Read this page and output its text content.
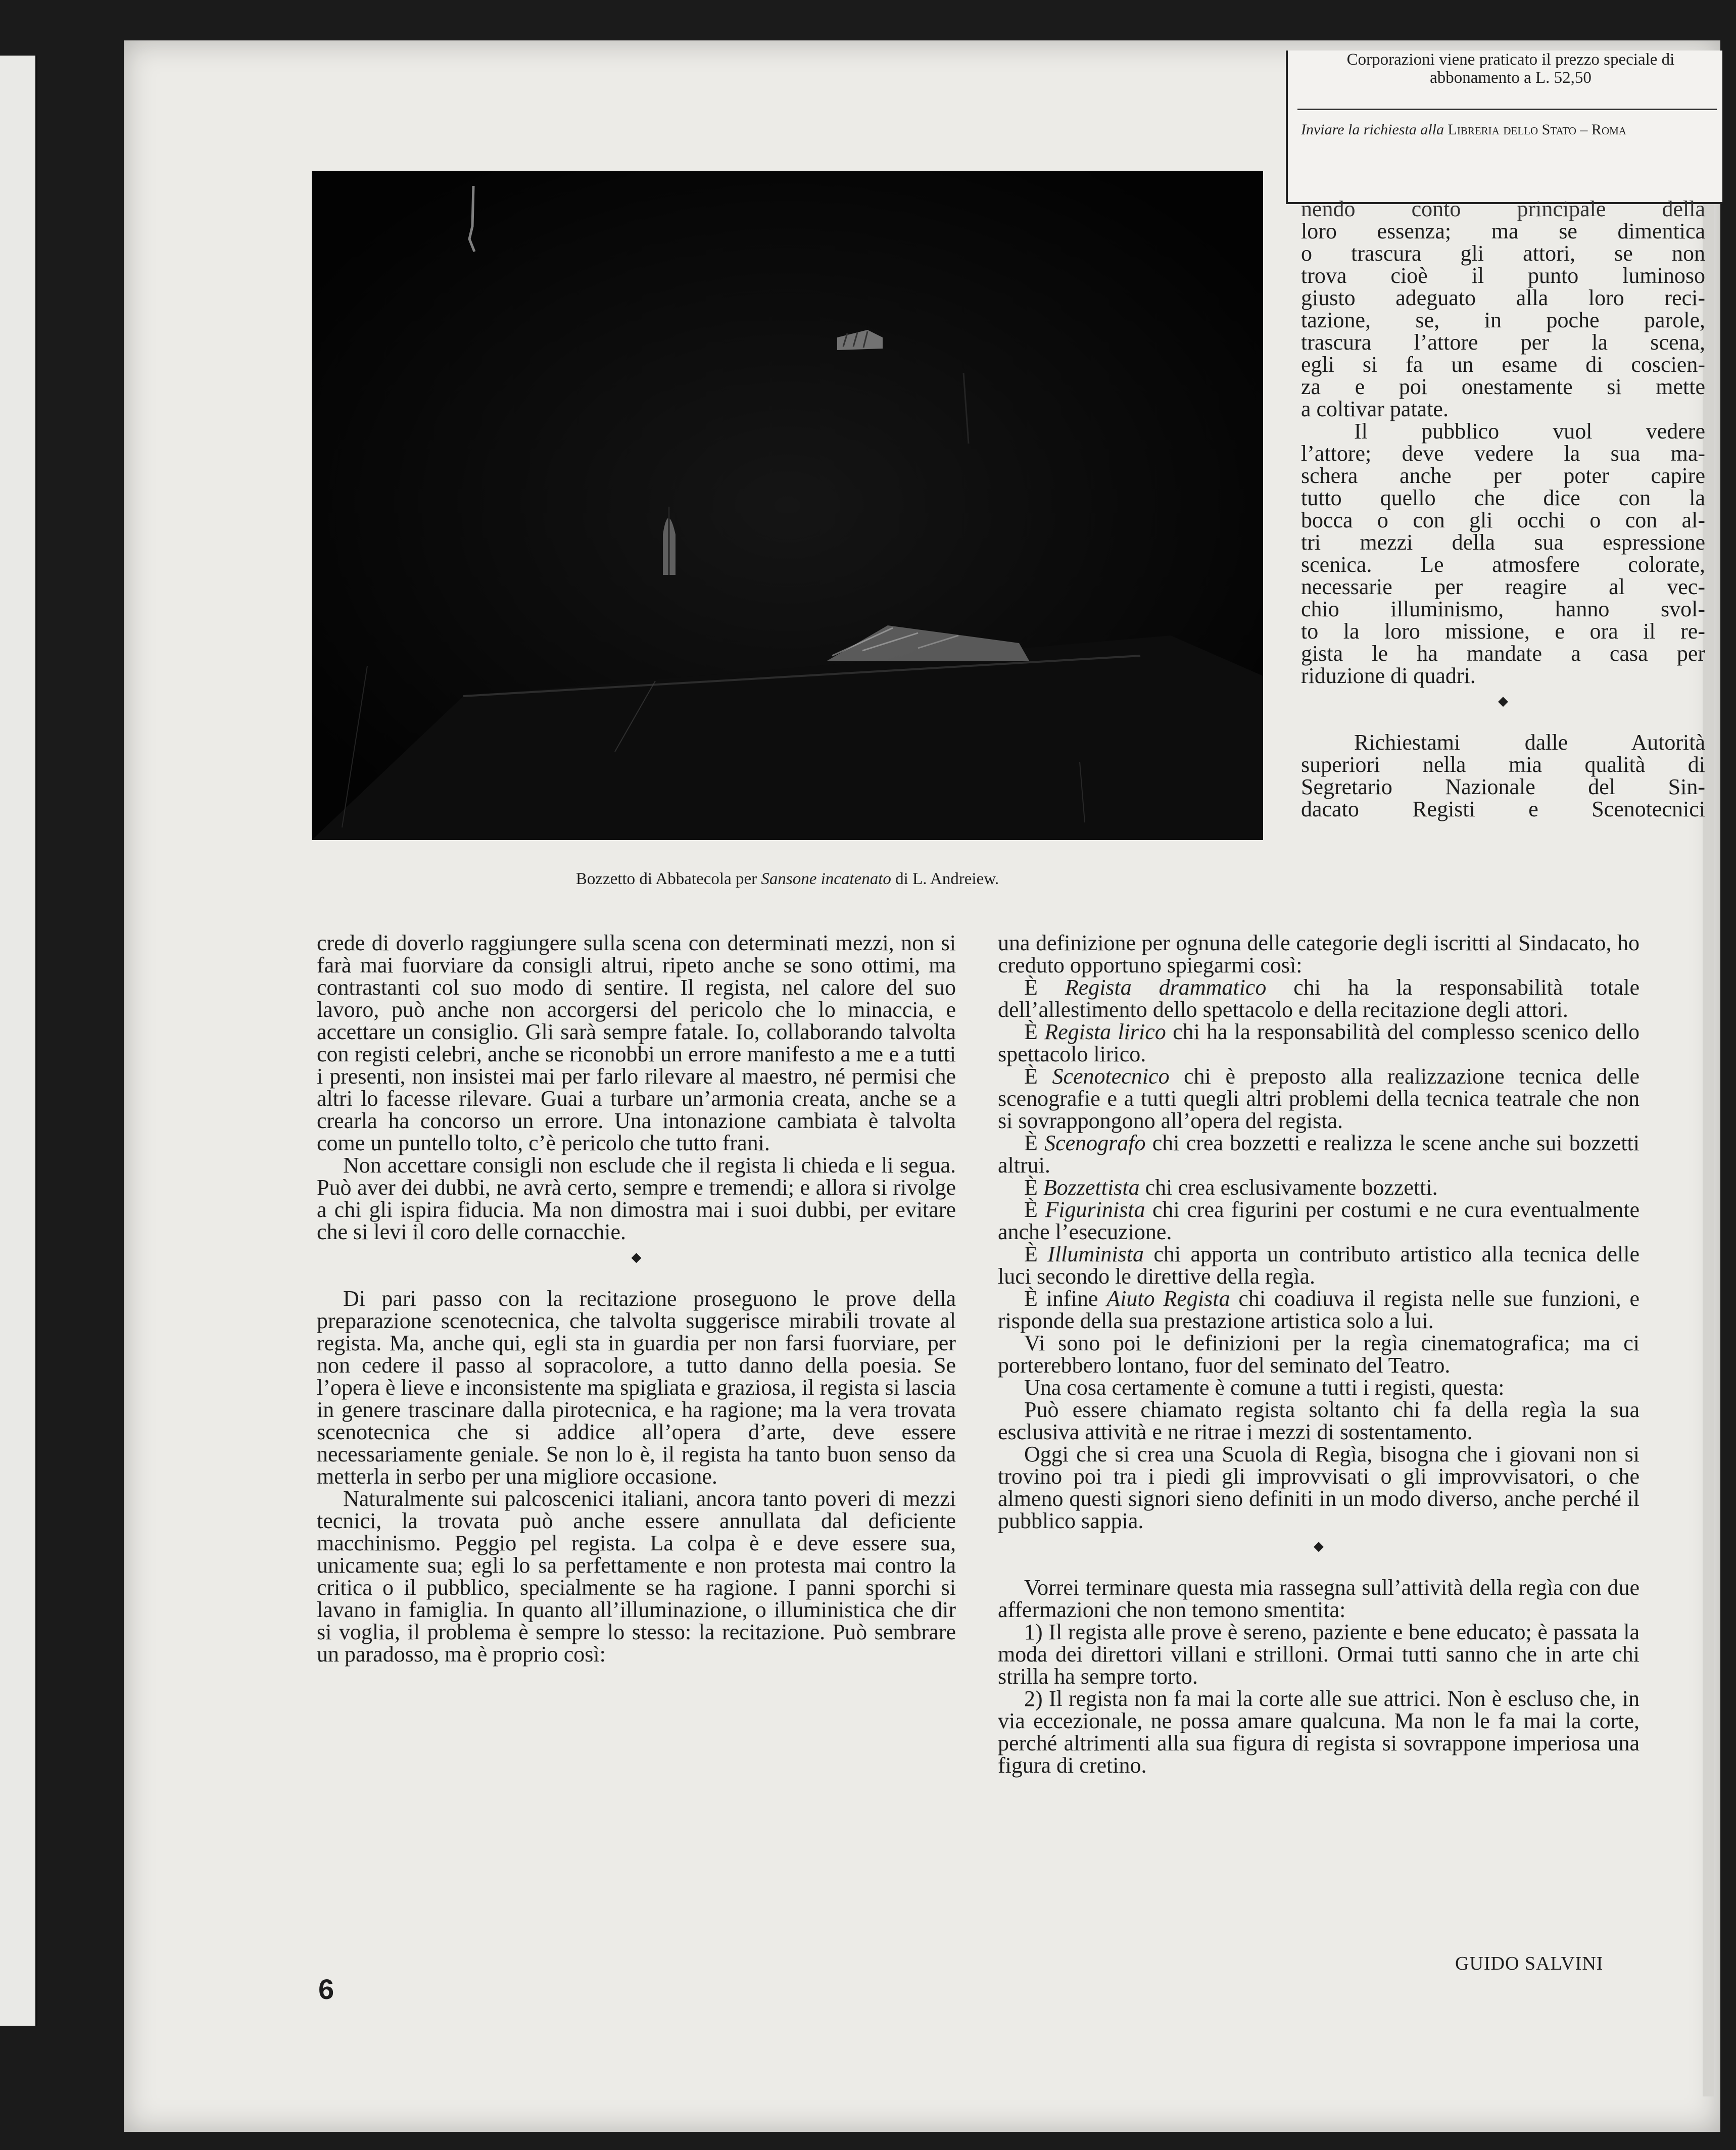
Corporazioni viene praticato il prezzo speciale di abbonamento a L. 52,50
Inviare la richiesta alla Libreria dello Stato – Roma
Bozzetto di Abbatecola per Sansone incatenato di L. Andreiew.
nendo conto principale della
loro essenza; ma se dimentica
o trascura gli attori, se non
trova cioè il punto luminoso
giusto adeguato alla loro reci-
tazione, se, in poche parole,
trascura l’attore per la scena,
egli si fa un esame di coscien-
za e poi onestamente si mette
a coltivar patate.
Il pubblico vuol vedere
l’attore; deve vedere la sua ma-
schera anche per poter capire
tutto quello che dice con la
bocca o con gli occhi o con al-
tri mezzi della sua espressione
scenica. Le atmosfere colorate,
necessarie per reagire al vec-
chio illuminismo, hanno svol-
to la loro missione, e ora il re-
gista le ha mandate a casa per
riduzione di quadri.
◆
Richiestami dalle Autorità
superiori nella mia qualità di
Segretario Nazionale del Sin-
dacato Registi e Scenotecnici

crede di doverlo raggiungere sulla scena con determinati mezzi, non si farà mai fuorviare da consigli altrui, ripeto anche se sono ottimi, ma contrastanti col suo modo di sentire. Il regista, nel calore del suo lavoro, può anche non accorgersi del pericolo che lo minaccia, e accettare un consiglio. Gli sarà sempre fatale. Io, collaborando talvolta con registi celebri, anche se riconobbi un errore manifesto a me e a tutti i presenti, non insistei mai per farlo rilevare al maestro, né permisi che altri lo facesse rilevare. Guai a turbare un’armonia creata, anche se a crearla ha concorso un errore. Una intonazione cambiata è talvolta come un puntello tolto, c’è pericolo che tutto frani.

Non accettare consigli non esclude che il regista li chieda e li segua. Può aver dei dubbi, ne avrà certo, sempre e tremendi; e allora si rivolge a chi gli ispira fiducia. Ma non dimostra mai i suoi dubbi, per evitare che si levi il coro delle cornacchie.

◆

Di pari passo con la recitazione proseguono le prove della preparazione scenotecnica, che talvolta suggerisce mirabili trovate al regista. Ma, anche qui, egli sta in guardia per non farsi fuorviare, per non cedere il passo al sopracolore, a tutto danno della poesia. Se l’opera è lieve e inconsistente ma spigliata e graziosa, il regista si lascia in genere trascinare dalla pirotecnica, e ha ragione; ma la vera trovata scenotecnica che si addice all’opera d’arte, deve essere necessariamente geniale. Se non lo è, il regista ha tanto buon senso da metterla in serbo per una migliore occasione.

Naturalmente sui palcoscenici italiani, ancora tanto poveri di mezzi tecnici, la trovata può anche essere annullata dal deficiente macchinismo. Peggio pel regista. La colpa è e deve essere sua, unicamente sua; egli lo sa perfettamente e non protesta mai contro la critica o il pubblico, specialmente se ha ragione. I panni sporchi si lavano in famiglia. In quanto all’illuminazione, o illuministica che dir si voglia, il problema è sempre lo stesso: la recitazione. Può sembrare un paradosso, ma è proprio così:

una definizione per ognuna delle categorie degli iscritti al Sindacato, ho creduto opportuno spiegarmi così:

È Regista drammatico chi ha la responsabilità totale dell’allestimento dello spettacolo e della recitazione degli attori.

È Regista lirico chi ha la responsabilità del complesso scenico dello spettacolo lirico.

È Scenotecnico chi è preposto alla realizzazione tecnica delle scenografie e a tutti quegli altri problemi della tecnica teatrale che non si sovrappongono all’opera del regista.

È Scenografo chi crea bozzetti e realizza le scene anche sui bozzetti altrui.

È Bozzettista chi crea esclusivamente bozzetti.

È Figurinista chi crea figurini per costumi e ne cura eventualmente anche l’esecuzione.

È Illuminista chi apporta un contributo artistico alla tecnica delle luci secondo le direttive della regìa.

È infine Aiuto Regista chi coadiuva il regista nelle sue funzioni, e risponde della sua prestazione artistica solo a lui.

Vi sono poi le definizioni per la regìa cinematografica; ma ci porterebbero lontano, fuor del seminato del Teatro.

Una cosa certamente è comune a tutti i registi, questa:

Può essere chiamato regista soltanto chi fa della regìa la sua esclusiva attività e ne ritrae i mezzi di sostentamento.

Oggi che si crea una Scuola di Regìa, bisogna che i giovani non si trovino poi tra i piedi gli improvvisati o gli improvvisatori, o che almeno questi signori sieno definiti in un modo diverso, anche perché il pubblico sappia.

◆

Vorrei terminare questa mia rassegna sull’attività della regìa con due affermazioni che non temono smentita:

1) Il regista alle prove è sereno, paziente e bene educato; è passata la moda dei direttori villani e strilloni. Ormai tutti sanno che in arte chi strilla ha sempre torto.

2) Il regista non fa mai la corte alle sue attrici. Non è escluso che, in via eccezionale, ne possa amare qualcuna. Ma non le fa mai la corte, perché altrimenti alla sua figura di regista si sovrappone imperiosa una figura di cretino.

GUIDO SALVINI
6
